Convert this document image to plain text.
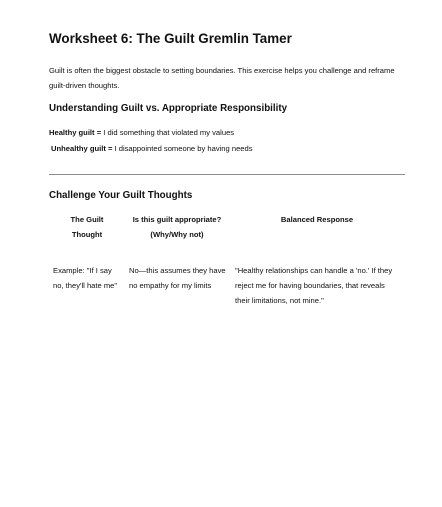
Worksheet 6: The Guilt Gremlin Tamer
Guilt is often the biggest obstacle to setting boundaries. This exercise helps you challenge and reframe guilt-driven thoughts.
Understanding Guilt vs. Appropriate Responsibility
Healthy guilt = I did something that violated my values
Unhealthy guilt = I disappointed someone by having needs
Challenge Your Guilt Thoughts
The Guilt Thought
Is this guilt appropriate? (Why/Why not)
Balanced Response
Example: "If I say no, they'll hate me"
No—this assumes they have no empathy for my limits
"Healthy relationships can handle a 'no.' If they reject me for having boundaries, that reveals their limitations, not mine."
